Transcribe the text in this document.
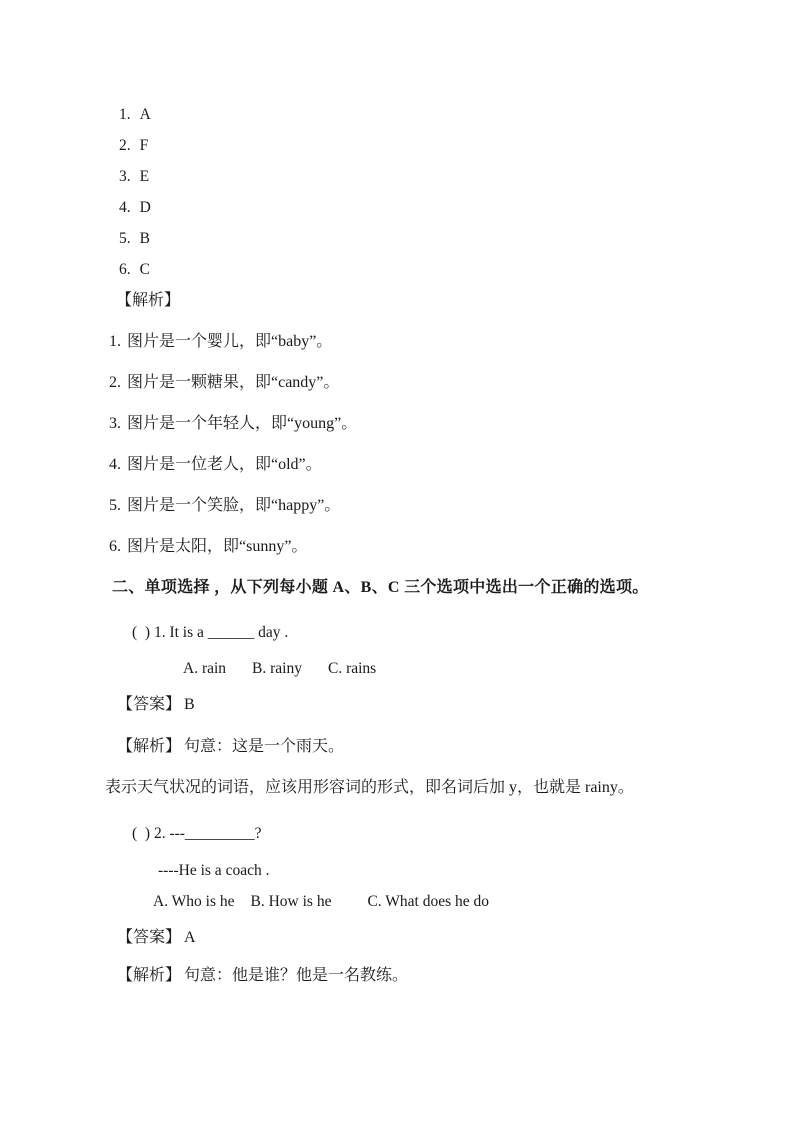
1. A
2. F
3. E
4. D
5. B
6. C
【解析】
1. 图片是一个婴儿，即“baby”。
2. 图片是一颗糖果，即“candy”。
3. 图片是一个年轻人，即“young”。
4. 图片是一位老人，即“old”。
5. 图片是一个笑脸，即“happy”。
6. 图片是太阳，即“sunny”。
二、单项选择 ，从下列每小题 A、B、C 三个选项中选出一个正确的选项。
(  ) 1. It is a ______ day .
A. rain B. rainy C. rains
【答案】 B
【解析】 句意：这是一个雨天。
表示天气状况的词语，应该用形容词的形式，即名词后加 y，也就是 rainy。
(  ) 2. ---_________?
----He is a coach .
A. Who is he B. How is he C. What does he do
【答案】 A
【解析】 句意：他是谁？他是一名教练。
